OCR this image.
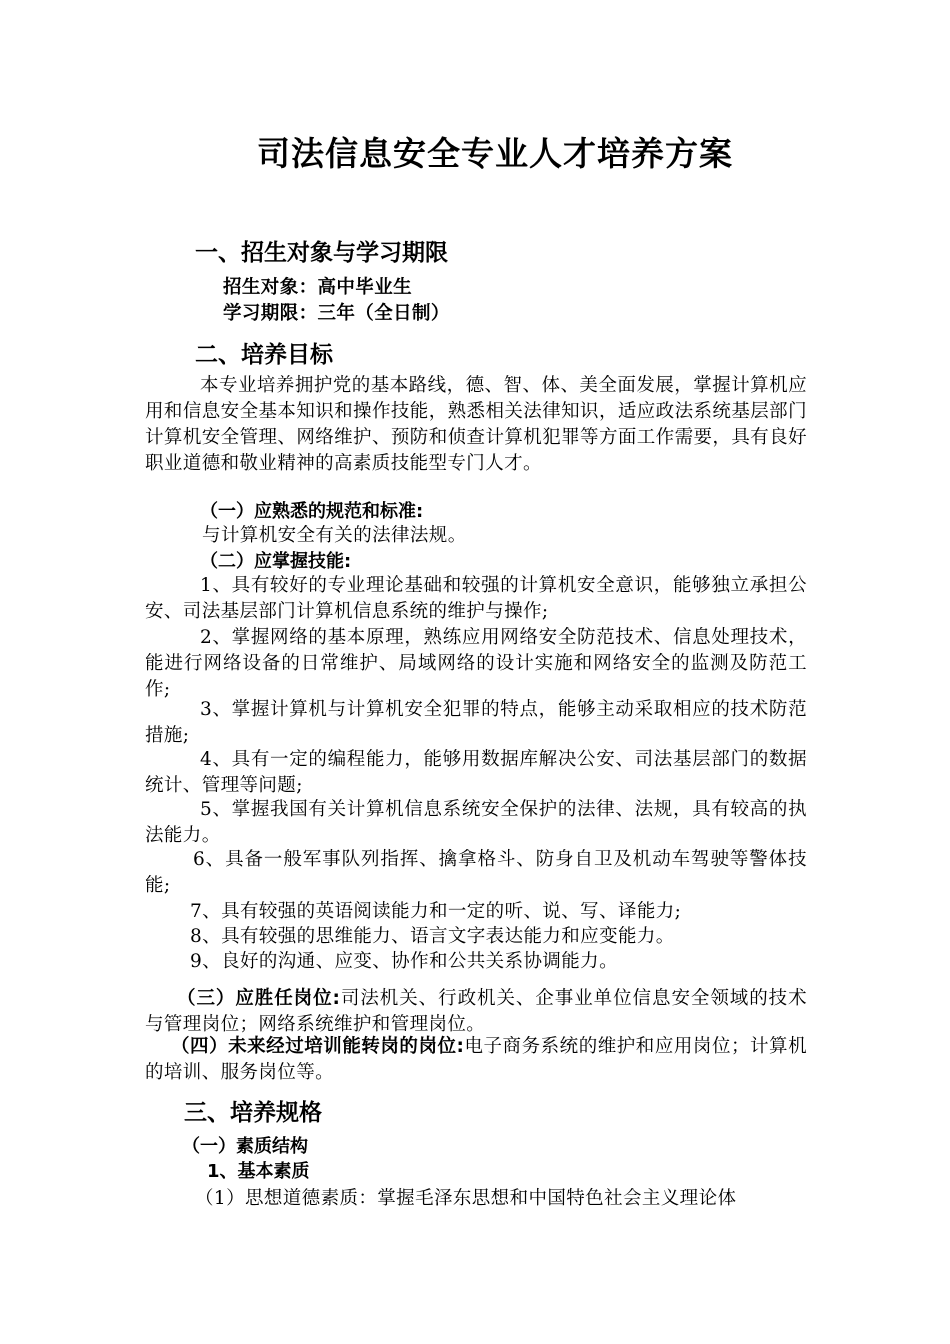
司法信息安全专业人才培养方案
一、招生对象与学习期限
招生对象：高中毕业生
学习期限：三年（全日制）
二、培养目标
本专业培养拥护党的基本路线，德、智、体、美全面发展，掌握计算机应用和信息安全基本知识和操作技能，熟悉相关法律知识，适应政法系统基层部门计算机安全管理、网络维护、预防和侦查计算机犯罪等方面工作需要，具有良好职业道德和敬业精神的高素质技能型专门人才。
（一）应熟悉的规范和标准:
与计算机安全有关的法律法规。
（二）应掌握技能:
1、具有较好的专业理论基础和较强的计算机安全意识，能够独立承担公安、司法基层部门计算机信息系统的维护与操作;
2、掌握网络的基本原理，熟练应用网络安全防范技术、信息处理技术，能进行网络设备的日常维护、局域网络的设计实施和网络安全的监测及防范工作;
3、掌握计算机与计算机安全犯罪的特点，能够主动采取相应的技术防范措施;
4、具有一定的编程能力，能够用数据库解决公安、司法基层部门的数据统计、管理等问题;
5、掌握我国有关计算机信息系统安全保护的法律、法规，具有较高的执法能力。
6、具备一般军事队列指挥、擒拿格斗、防身自卫及机动车驾驶等警体技能;
7、具有较强的英语阅读能力和一定的听、说、写、译能力;
8、具有较强的思维能力、语言文字表达能力和应变能力。
9、良好的沟通、应变、协作和公共关系协调能力。
（三）应胜任岗位:司法机关、行政机关、企事业单位信息安全领域的技术与管理岗位；网络系统维护和管理岗位。
（四）未来经过培训能转岗的岗位:电子商务系统的维护和应用岗位；计算机的培训、服务岗位等。
三、培养规格
（一）素质结构
1、基本素质
（1）思想道德素质：掌握毛泽东思想和中国特色社会主义理论体
